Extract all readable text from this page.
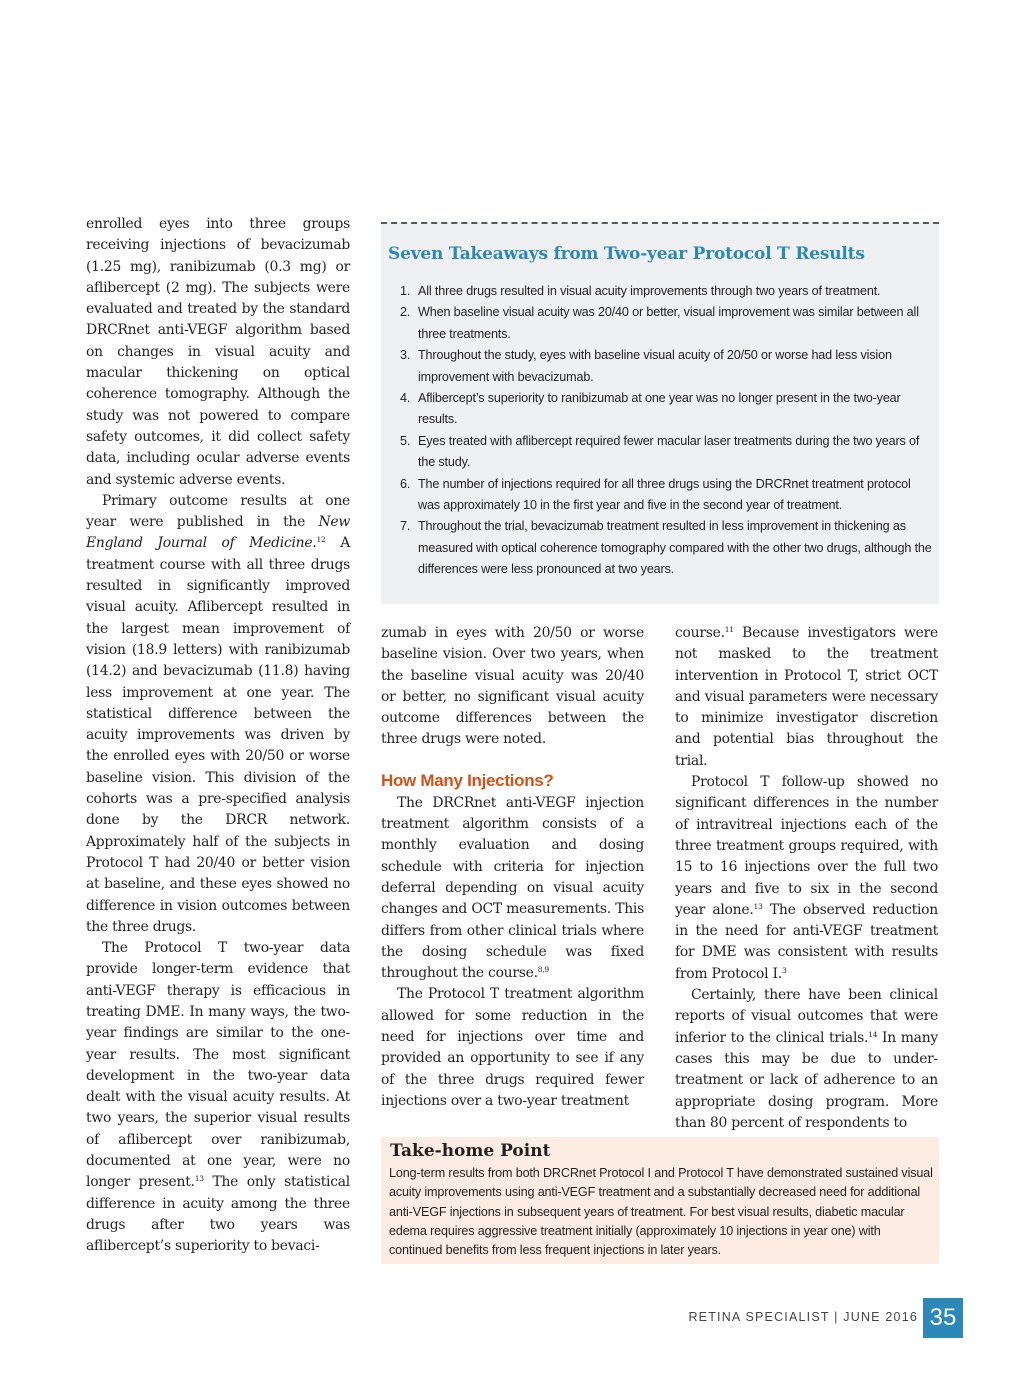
enrolled eyes into three groups receiving injections of bevacizumab (1.25 mg), ranibizumab (0.3 mg) or aflibercept (2 mg). The subjects were evaluated and treated by the standard DRCRnet anti-VEGF algorithm based on changes in visual acuity and macular thickening on optical coherence tomography. Although the study was not powered to compare safety outcomes, it did collect safety data, including ocular adverse events and systemic adverse events.

Primary outcome results at one year were published in the New England Journal of Medicine.$^{12}$ A treatment course with all three drugs resulted in significantly improved visual acuity. Aflibercept resulted in the largest mean improvement of vision (18.9 letters) with ranibizumab (14.2) and bevacizumab (11.8) having less improvement at one year. The statistical difference between the acuity improvements was driven by the enrolled eyes with 20/50 or worse baseline vision. This division of the cohorts was a pre-specified analysis done by the DRCR network. Approximately half of the subjects in Protocol T had 20/40 or better vision at baseline, and these eyes showed no difference in vision outcomes between the three drugs.

The Protocol T two-year data provide longer-term evidence that anti-VEGF therapy is efficacious in treating DME. In many ways, the two-year findings are similar to the one-year results. The most significant development in the two-year data dealt with the visual acuity results. At two years, the superior visual results of aflibercept over ranibizumab, documented at one year, were no longer present.$^{13}$ The only statistical difference in acuity among the three drugs after two years was aflibercept’s superiority to bevaci-

Seven Takeaways from Two-year Protocol T Results
1. All three drugs resulted in visual acuity improvements through two years of treatment.
2. When baseline visual acuity was 20/40 or better, visual improvement was similar between all three treatments.
3. Throughout the study, eyes with baseline visual acuity of 20/50 or worse had less vision improvement with bevacizumab.
4. Aflibercept’s superiority to ranibizumab at one year was no longer present in the two-year results.
5. Eyes treated with aflibercept required fewer macular laser treatments during the two years of the study.
6. The number of injections required for all three drugs using the DRCRnet treatment protocol was approximately 10 in the first year and five in the second year of treatment.
7. Throughout the trial, bevacizumab treatment resulted in less improvement in thickening as measured with optical coherence tomography compared with the other two drugs, although the differences were less pronounced at two years.

zumab in eyes with 20/50 or worse baseline vision. Over two years, when the baseline visual acuity was 20/40 or better, no significant visual acuity outcome differences between the three drugs were noted.

How Many Injections?

The DRCRnet anti-VEGF injection treatment algorithm consists of a monthly evaluation and dosing schedule with criteria for injection deferral depending on visual acuity changes and OCT measurements. This differs from other clinical trials where the dosing schedule was fixed throughout the course.$^{8,9}$

The Protocol T treatment algorithm allowed for some reduction in the need for injections over time and provided an opportunity to see if any of the three drugs required fewer injections over a two-year treatment

course.$^{11}$ Because investigators were not masked to the treatment intervention in Protocol T, strict OCT and visual parameters were necessary to minimize investigator discretion and potential bias throughout the trial.

Protocol T follow-up showed no significant differences in the number of intravitreal injections each of the three treatment groups required, with 15 to 16 injections over the full two years and five to six in the second year alone.$^{13}$ The observed reduction in the need for anti-VEGF treatment for DME was consistent with results from Protocol I.$^3$

Certainly, there have been clinical reports of visual outcomes that were inferior to the clinical trials.$^{14}$ In many cases this may be due to under-treatment or lack of adherence to an appropriate dosing program. More than 80 percent of respondents to

Take-home Point

Long-term results from both DRCRnet Protocol I and Protocol T have demonstrated sustained visual acuity improvements using anti-VEGF treatment and a substantially decreased need for additional anti-VEGF injections in subsequent years of treatment. For best visual results, diabetic macular edema requires aggressive treatment initially (approximately 10 injections in year one) with continued benefits from less frequent injections in later years.

RETINA SPECIALIST | JUNE 2016 35
